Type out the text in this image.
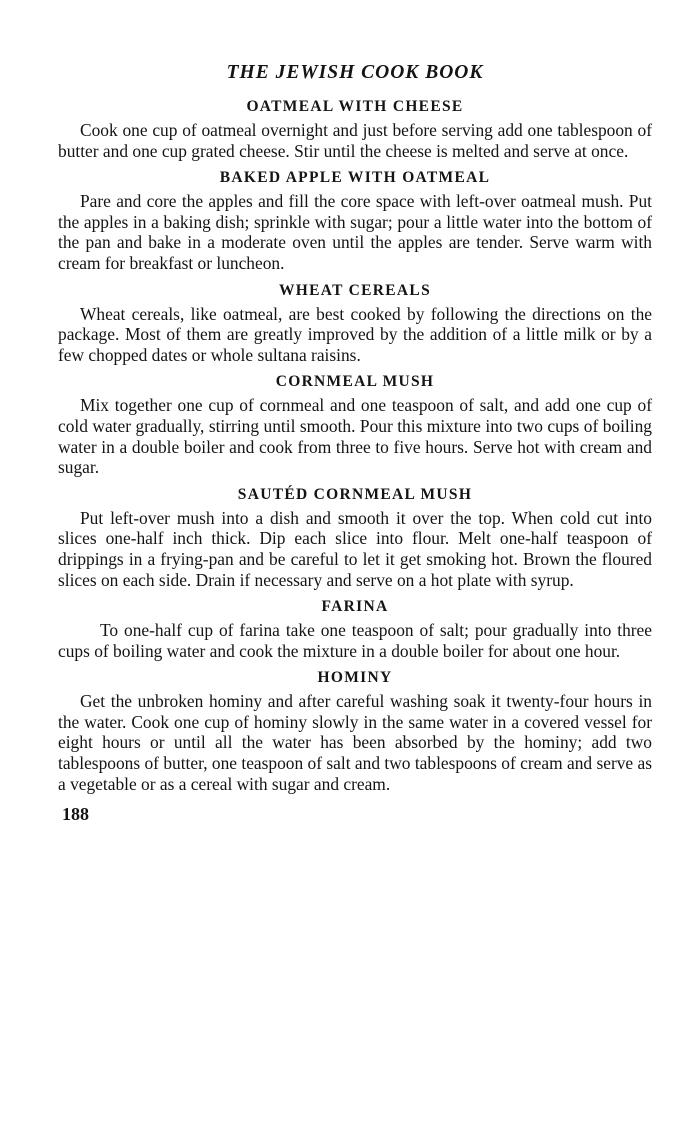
THE JEWISH COOK BOOK
OATMEAL WITH CHEESE

Cook one cup of oatmeal overnight and just before serving add one tablespoon of butter and one cup grated cheese. Stir until the cheese is melted and serve at once.

BAKED APPLE WITH OATMEAL

Pare and core the apples and fill the core space with left-over oatmeal mush. Put the apples in a baking dish; sprinkle with sugar; pour a little water into the bottom of the pan and bake in a moderate oven until the apples are tender. Serve warm with cream for breakfast or luncheon.

WHEAT CEREALS

Wheat cereals, like oatmeal, are best cooked by following the directions on the package. Most of them are greatly improved by the addition of a little milk or by a few chopped dates or whole sultana raisins.

CORNMEAL MUSH

Mix together one cup of cornmeal and one teaspoon of salt, and add one cup of cold water gradually, stirring until smooth. Pour this mixture into two cups of boiling water in a double boiler and cook from three to five hours. Serve hot with cream and sugar.

SAUTÉD CORNMEAL MUSH

Put left-over mush into a dish and smooth it over the top. When cold cut into slices one-half inch thick. Dip each slice into flour. Melt one-half teaspoon of drippings in a frying-pan and be careful to let it get smoking hot. Brown the floured slices on each side. Drain if necessary and serve on a hot plate with syrup.

FARINA

To one-half cup of farina take one teaspoon of salt; pour gradually into three cups of boiling water and cook the mixture in a double boiler for about one hour.

HOMINY

Get the unbroken hominy and after careful washing soak it twenty-four hours in the water. Cook one cup of hominy slowly in the same water in a covered vessel for eight hours or until all the water has been absorbed by the hominy; add two tablespoons of butter, one teaspoon of salt and two tablespoons of cream and serve as a vegetable or as a cereal with sugar and cream.

188
